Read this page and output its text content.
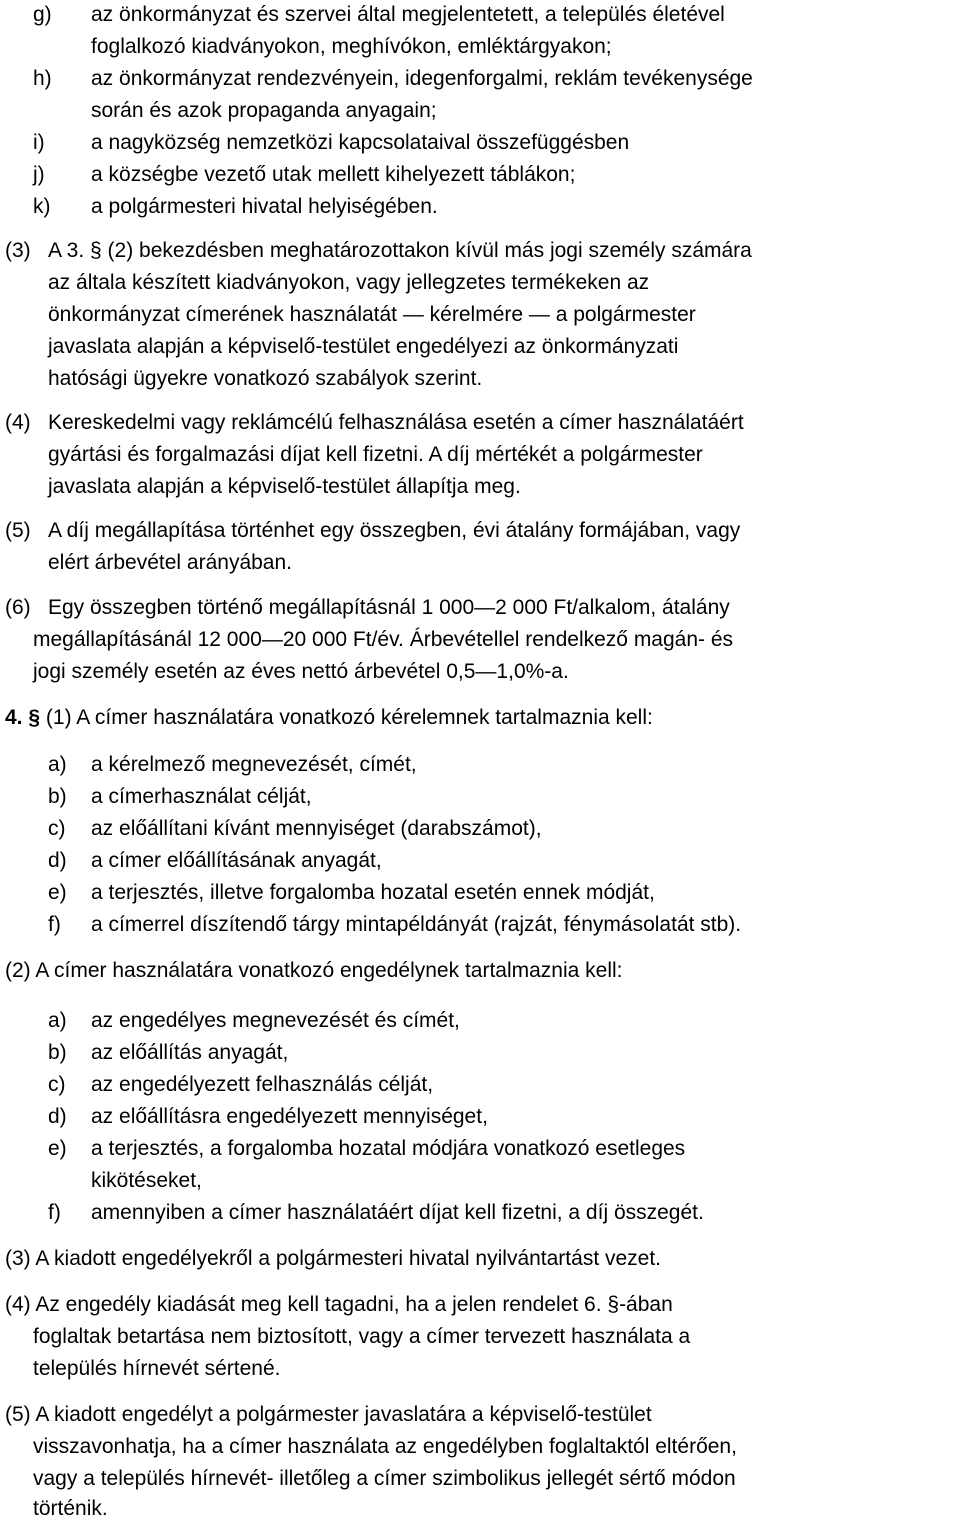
g) az önkormányzat és szervei által megjelentetett, a település életével
foglalkozó kiadványokon, meghívókon, emléktárgyakon;
h) az önkormányzat rendezvényein, idegenforgalmi, reklám tevékenysége
során és azok propaganda anyagain;
i) a nagyközség nemzetközi kapcsolataival összefüggésben
j) a községbe vezető utak mellett kihelyezett táblákon;
k) a polgármesteri hivatal helyiségében.
(3) A 3. § (2) bekezdésben meghatározottakon kívül más jogi személy számára
az általa készített kiadványokon, vagy jellegzetes termékeken az
önkormányzat címerének használatát — kérelmére — a polgármester
javaslata alapján a képviselő-testület engedélyezi az önkormányzati
hatósági ügyekre vonatkozó szabályok szerint.
(4) Kereskedelmi vagy reklámcélú felhasználása esetén a címer használatáért
gyártási és forgalmazási díjat kell fizetni. A díj mértékét a polgármester
javaslata alapján a képviselő-testület állapítja meg.
(5) A díj megállapítása történhet egy összegben, évi átalány formájában, vagy
elért árbevétel arányában.
(6) Egy összegben történő megállapításnál 1 000—2 000 Ft/alkalom, átalány
megállapításánál 12 000—20 000 Ft/év. Árbevétellel rendelkező magán- és
jogi személy esetén az éves nettó árbevétel 0,5—1,0%-a.
4. § (1) A címer használatára vonatkozó kérelemnek tartalmaznia kell:
a) a kérelmező megnevezését, címét,
b) a címerhasználat célját,
c) az előállítani kívánt mennyiséget (darabszámot),
d) a címer előállításának anyagát,
e) a terjesztés, illetve forgalomba hozatal esetén ennek módját,
f) a címerrel díszítendő tárgy mintapéldányát (rajzát, fénymásolatát stb).
(2) A címer használatára vonatkozó engedélynek tartalmaznia kell:
a) az engedélyes megnevezését és címét,
b) az előállítás anyagát,
c) az engedélyezett felhasználás célját,
d) az előállításra engedélyezett mennyiséget,
e) a terjesztés, a forgalomba hozatal módjára vonatkozó esetleges
kikötéseket,
f) amennyiben a címer használatáért díjat kell fizetni, a díj összegét.
(3) A kiadott engedélyekről a polgármesteri hivatal nyilvántartást vezet.
(4) Az engedély kiadását meg kell tagadni, ha a jelen rendelet 6. §-ában
foglaltak betartása nem biztosított, vagy a címer tervezett használata a
település hírnevét sértené.
(5) A kiadott engedélyt a polgármester javaslatára a képviselő-testület
visszavonhatja, ha a címer használata az engedélyben foglaltaktól eltérően,
vagy a település hírnevét- illetőleg a címer szimbolikus jellegét sértő módon
történik.
